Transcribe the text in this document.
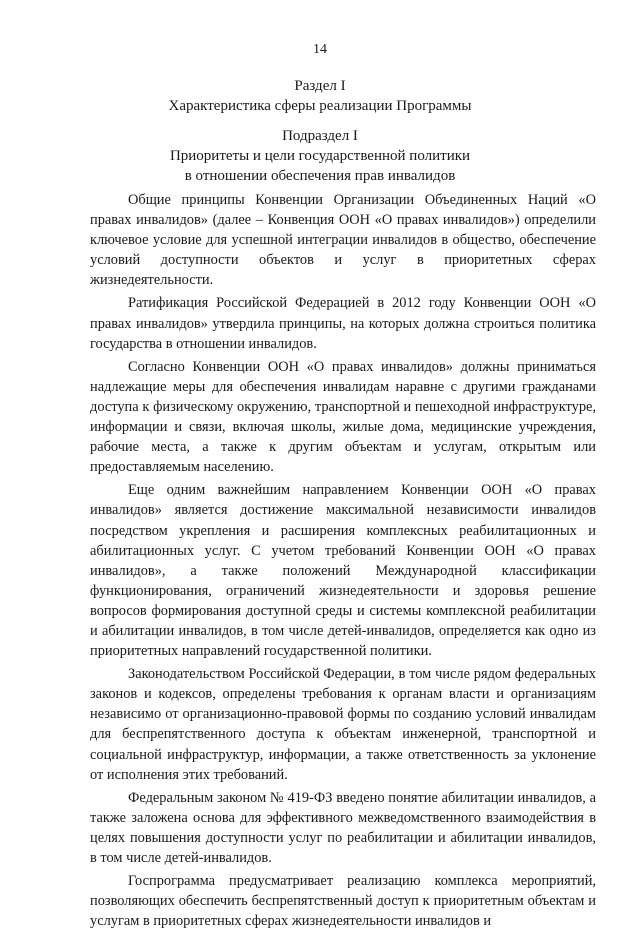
14
Раздел I
Характеристика сферы реализации Программы
Подраздел I
Приоритеты и цели государственной политики
в отношении обеспечения прав инвалидов

Общие принципы Конвенции Организации Объединенных Наций «О правах инвалидов» (далее – Конвенция ООН «О правах инвалидов») определили ключевое условие для успешной интеграции инвалидов в общество, обеспечение условий доступности объектов и услуг в приоритетных сферах жизнедеятельности.

Ратификация Российской Федерацией в 2012 году Конвенции ООН «О правах инвалидов» утвердила принципы, на которых должна строиться политика государства в отношении инвалидов.

Согласно Конвенции ООН «О правах инвалидов» должны приниматься надлежащие меры для обеспечения инвалидам наравне с другими гражданами доступа к физическому окружению, транспортной и пешеходной инфраструктуре, информации и связи, включая школы, жилые дома, медицинские учреждения, рабочие места, а также к другим объектам и услугам, открытым или предоставляемым населению.

Еще одним важнейшим направлением Конвенции ООН «О правах инвалидов» является достижение максимальной независимости инвалидов посредством укрепления и расширения комплексных реабилитационных и абилитационных услуг. С учетом требований Конвенции ООН «О правах инвалидов», а также положений Международной классификации функционирования, ограничений жизнедеятельности и здоровья решение вопросов формирования доступной среды и системы комплексной реабилитации и абилитации инвалидов, в том числе детей-инвалидов, определяется как одно из приоритетных направлений государственной политики.

Законодательством Российской Федерации, в том числе рядом федеральных законов и кодексов, определены требования к органам власти и организациям независимо от организационно-правовой формы по созданию условий инвалидам для беспрепятственного доступа к объектам инженерной, транспортной и социальной инфраструктур, информации, а также ответственность за уклонение от исполнения этих требований.

Федеральным законом № 419-ФЗ введено понятие абилитации инвалидов, а также заложена основа для эффективного межведомственного взаимодействия в целях повышения доступности услуг по реабилитации и абилитации инвалидов, в том числе детей-инвалидов.

Госпрограмма предусматривает реализацию комплекса мероприятий, позволяющих обеспечить беспрепятственный доступ к приоритетным объектам и услугам в приоритетных сферах жизнедеятельности инвалидов и
